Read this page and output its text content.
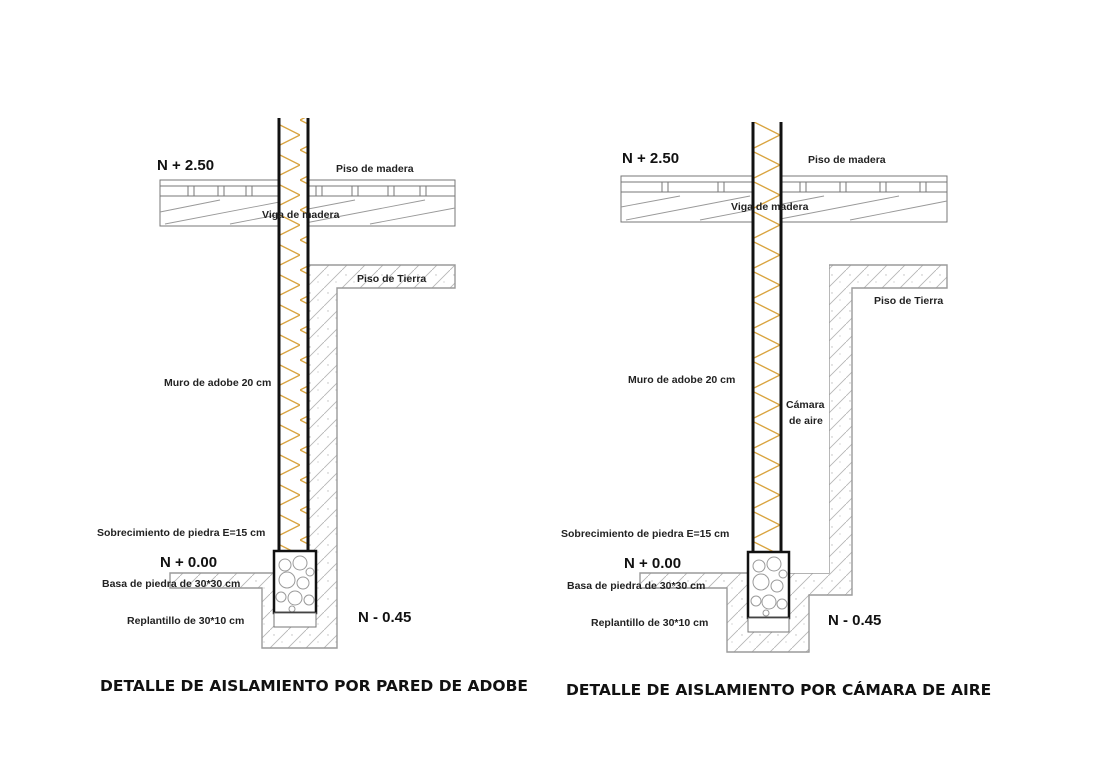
N + 2.50	Piso de madera
Viga de madera
Piso de Tierra
Muro de adobe 20 cm
Sobrecimiento de piedra E=15 cm
N + 0.00
Basa de piedra de 30*30 cm
Replantillo de 30*10 cm	N - 0.45
DETALLE DE AISLAMIENTO POR PARED DE ADOBE
N + 2.50	Piso de madera
Viga de madera
Piso de Tierra
Muro de adobe 20 cm
Cámara
de aire
Sobrecimiento de piedra E=15 cm
N + 0.00
Basa de piedra de 30*30 cm
Replantillo de 30*10 cm	N - 0.45
DETALLE DE AISLAMIENTO POR CÁMARA DE AIRE
